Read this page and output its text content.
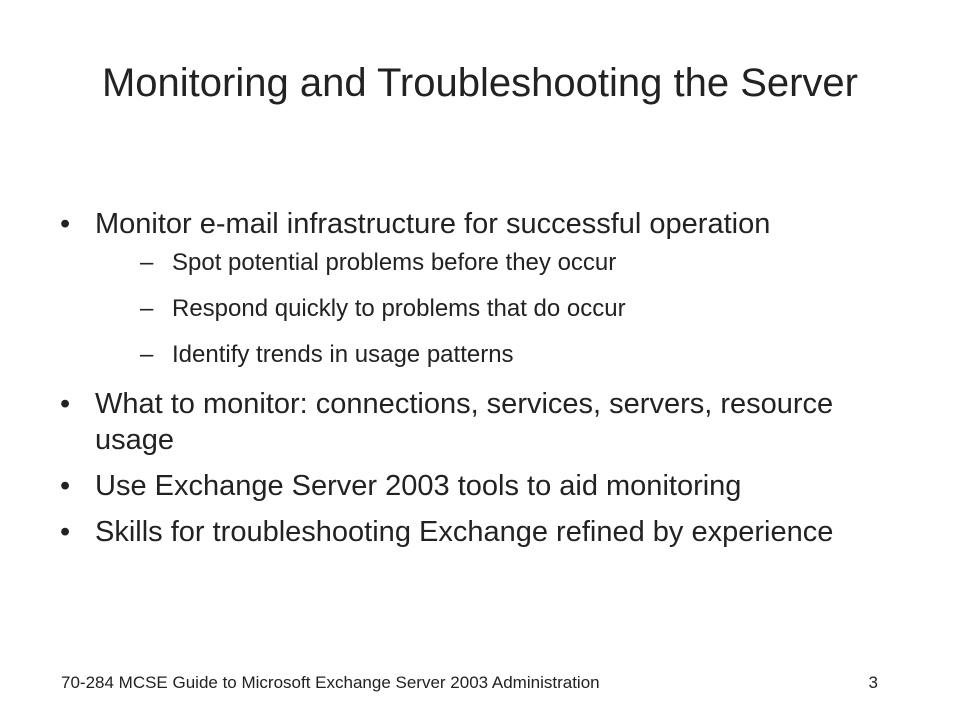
Monitoring and Troubleshooting the Server
• Monitor e-mail infrastructure for successful operation
– Spot potential problems before they occur
– Respond quickly to problems that do occur
– Identify trends in usage patterns
• What to monitor: connections, services, servers, resource usage
• Use Exchange Server 2003 tools to aid monitoring
• Skills for troubleshooting Exchange refined by experience
70-284 MCSE Guide to Microsoft Exchange Server 2003 Administration	3
